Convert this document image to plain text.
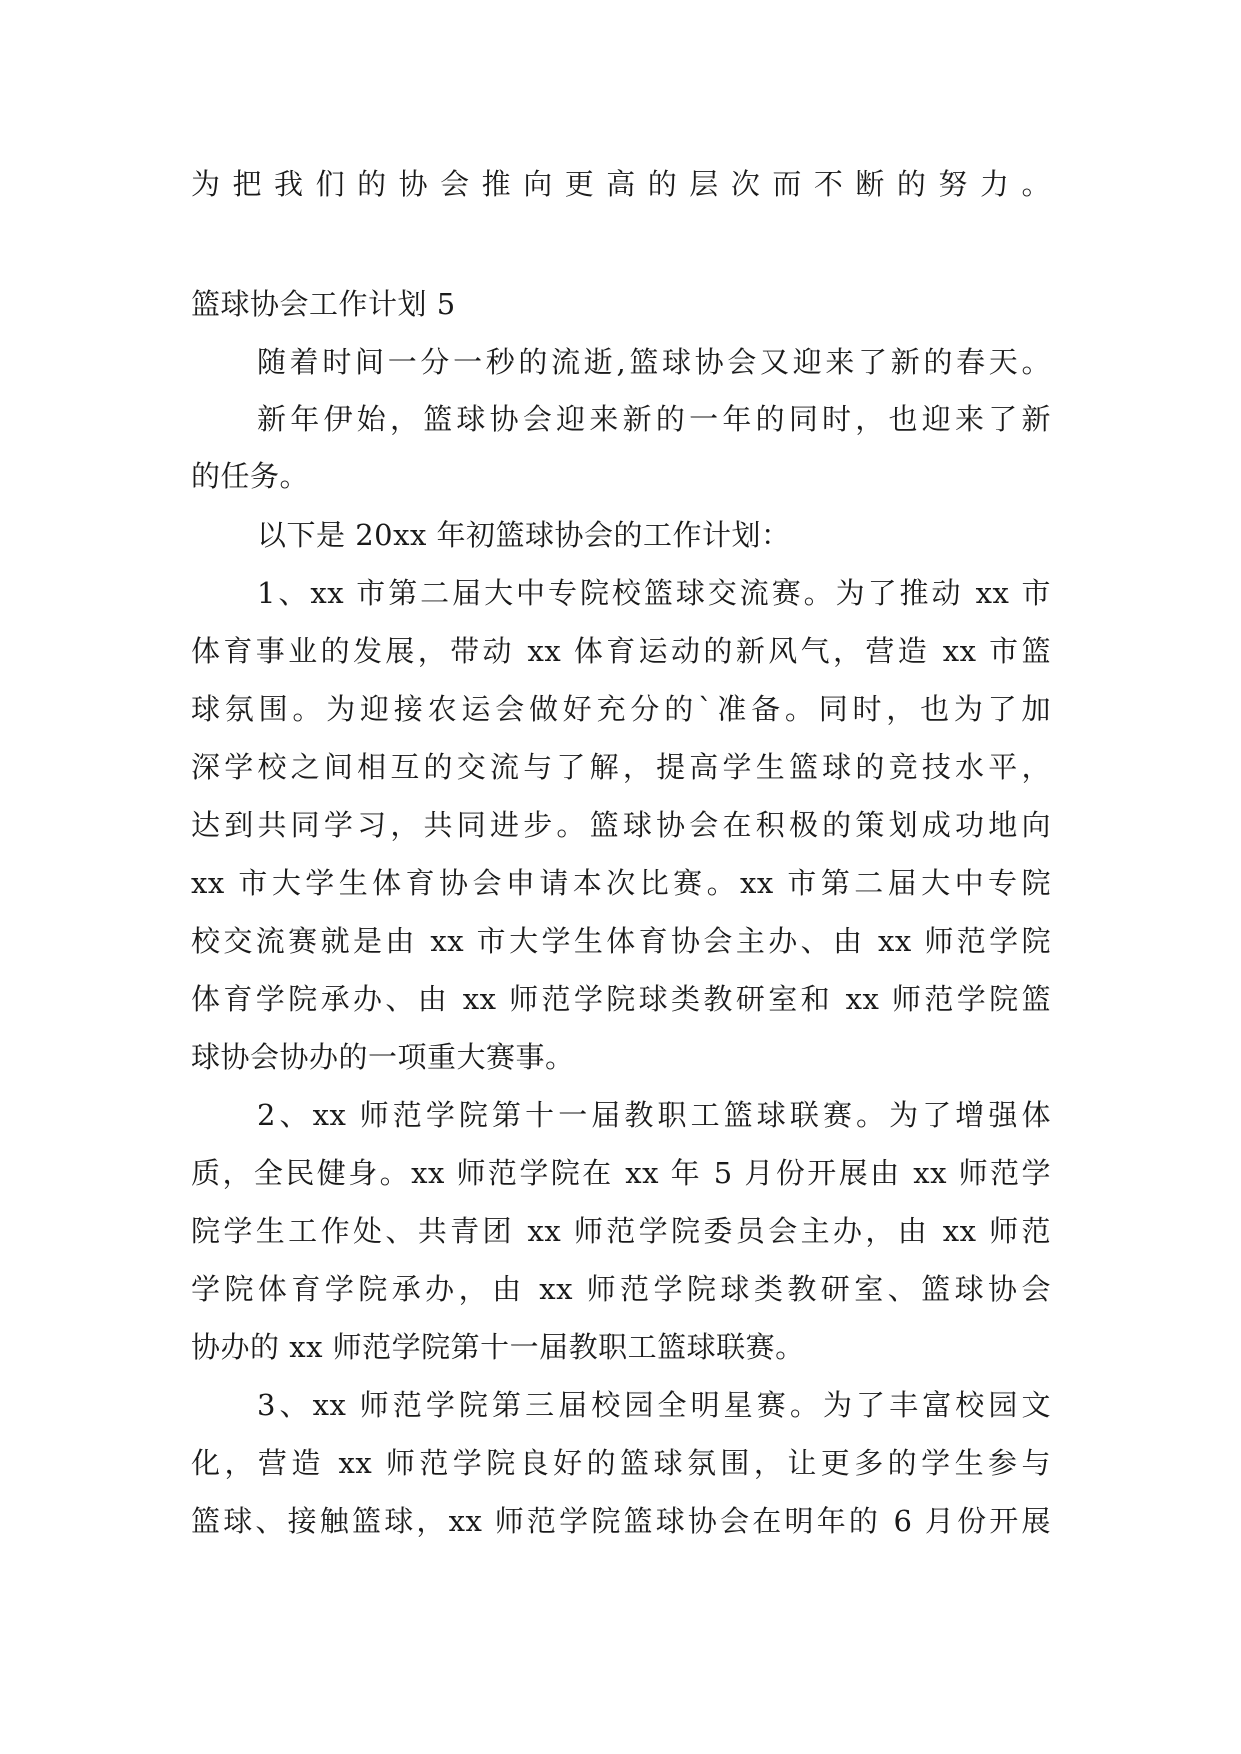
为把我们的协会推向更高的层次而不断的努力。
篮球协会工作计划 5
随着时间一分一秒的流逝,篮球协会又迎来了新的春天。
新年伊始，篮球协会迎来新的一年的同时，也迎来了新
的任务。
以下是 20xx 年初篮球协会的工作计划：
1、xx 市第二届大中专院校篮球交流赛。为了推动 xx 市
体育事业的发展，带动 xx 体育运动的新风气，营造 xx 市篮
球氛围。为迎接农运会做好充分的`准备。同时，也为了加
深学校之间相互的交流与了解，提高学生篮球的竞技水平，
达到共同学习，共同进步。篮球协会在积极的策划成功地向
xx 市大学生体育协会申请本次比赛。xx 市第二届大中专院
校交流赛就是由 xx 市大学生体育协会主办、由 xx 师范学院
体育学院承办、由 xx 师范学院球类教研室和 xx 师范学院篮
球协会协办的一项重大赛事。
2、xx 师范学院第十一届教职工篮球联赛。为了增强体
质，全民健身。xx 师范学院在 xx 年 5 月份开展由 xx 师范学
院学生工作处、共青团 xx 师范学院委员会主办，由 xx 师范
学院体育学院承办，由 xx 师范学院球类教研室、篮球协会
协办的 xx 师范学院第十一届教职工篮球联赛。
3、xx 师范学院第三届校园全明星赛。为了丰富校园文
化，营造 xx 师范学院良好的篮球氛围，让更多的学生参与
篮球、接触篮球，xx 师范学院篮球协会在明年的 6 月份开展
